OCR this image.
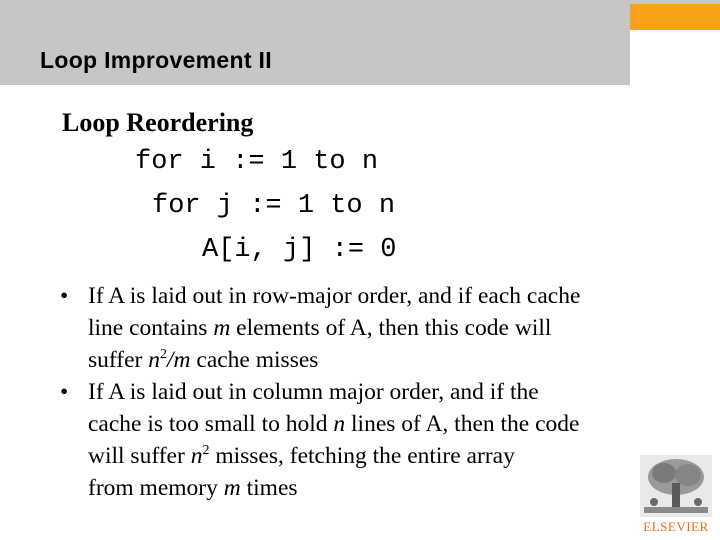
Loop Improvement II
Loop Reordering
for i := 1 to n
for j := 1 to n
A[i, j] := 0
• If A is laid out in row-major order, and if each cache
line contains m elements of A, then this code will
suffer $n^2/m$ cache misses
• If A is laid out in column major order, and if the
cache is too small to hold n lines of A, then the code
will suffer $n^2$ misses, fetching the entire array
from memory m times
ELSEVIER
